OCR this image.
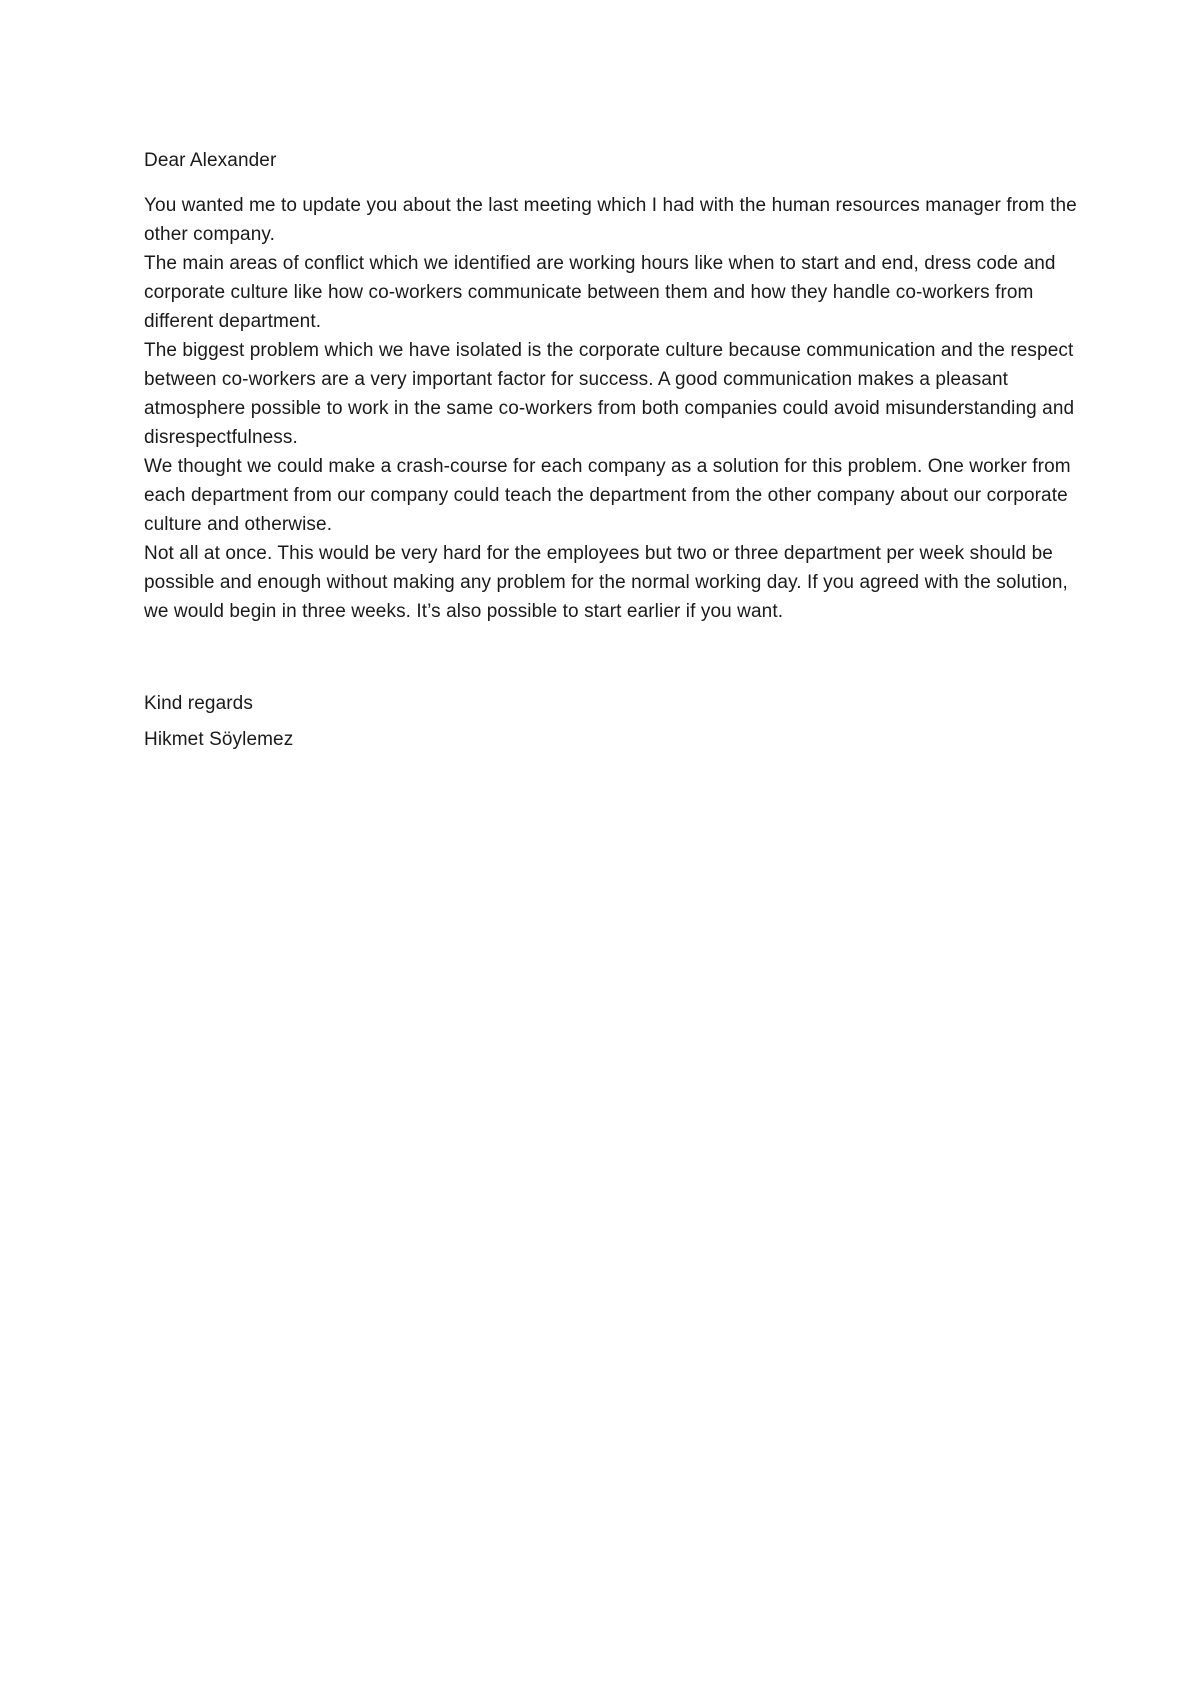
Dear Alexander

You wanted me to update you about the last meeting which I had with the human resources manager from the other company.

The main areas of conflict which we identified are working hours like when to start and end, dress code and corporate culture like how co-workers communicate between them and how they handle co-workers from different department.

The biggest problem which we have isolated is the corporate culture because communication and the respect between co-workers are a very important factor for success. A good communication makes a pleasant atmosphere possible to work in the same co-workers from both companies could avoid misunderstanding and disrespectfulness.

We thought we could make a crash-course for each company as a solution for this problem. One worker from each department from our company could teach the department from the other company about our corporate culture and otherwise.

Not all at once. This would be very hard for the employees but two or three department per week should be possible and enough without making any problem for the normal working day. If you agreed with the solution, we would begin in three weeks. It’s also possible to start earlier if you want.

Kind regards

Hikmet Söylemez
